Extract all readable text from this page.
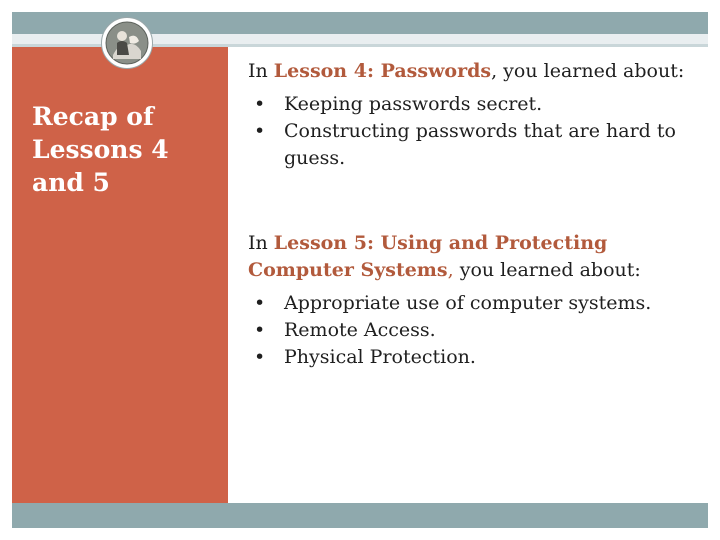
Recap of
Lessons 4
and 5

In Lesson 4: Passwords, you learned about:

• Keeping passwords secret.
• Constructing passwords that are hard to guess.

In Lesson 5: Using and Protecting Computer Systems, you learned about:

• Appropriate use of computer systems.
• Remote Access.
• Physical Protection.
